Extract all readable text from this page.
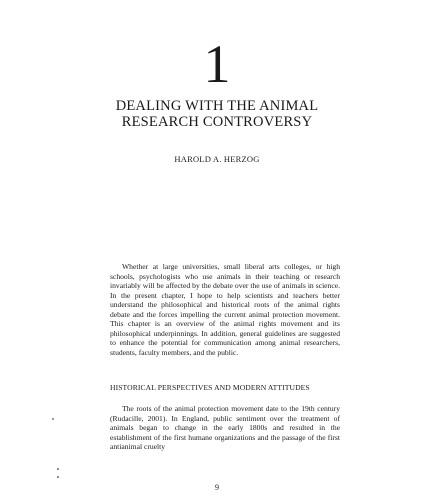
1
DEALING WITH THE ANIMAL
RESEARCH CONTROVERSY
HAROLD A. HERZOG

Whether at large universities, small liberal arts colleges, or high schools, psychologists who use animals in their teaching or research invariably will be affected by the debate over the use of animals in science. In the present chapter, I hope to help scientists and teachers better understand the philosophical and historical roots of the animal rights debate and the forces impelling the current animal protection movement. This chapter is an overview of the animal rights movement and its philosophical underpinnings. In addition, general guidelines are suggested to enhance the potential for communication among animal researchers, students, faculty members, and the public.

HISTORICAL PERSPECTIVES AND MODERN ATTITUDES

The roots of the animal protection movement date to the 19th century (Rudacille, 2001). In England, public sentiment over the treatment of animals began to change in the early 1800s and resulted in the establishment of the first humane organizations and the passage of the first antianimal cruelty

9
